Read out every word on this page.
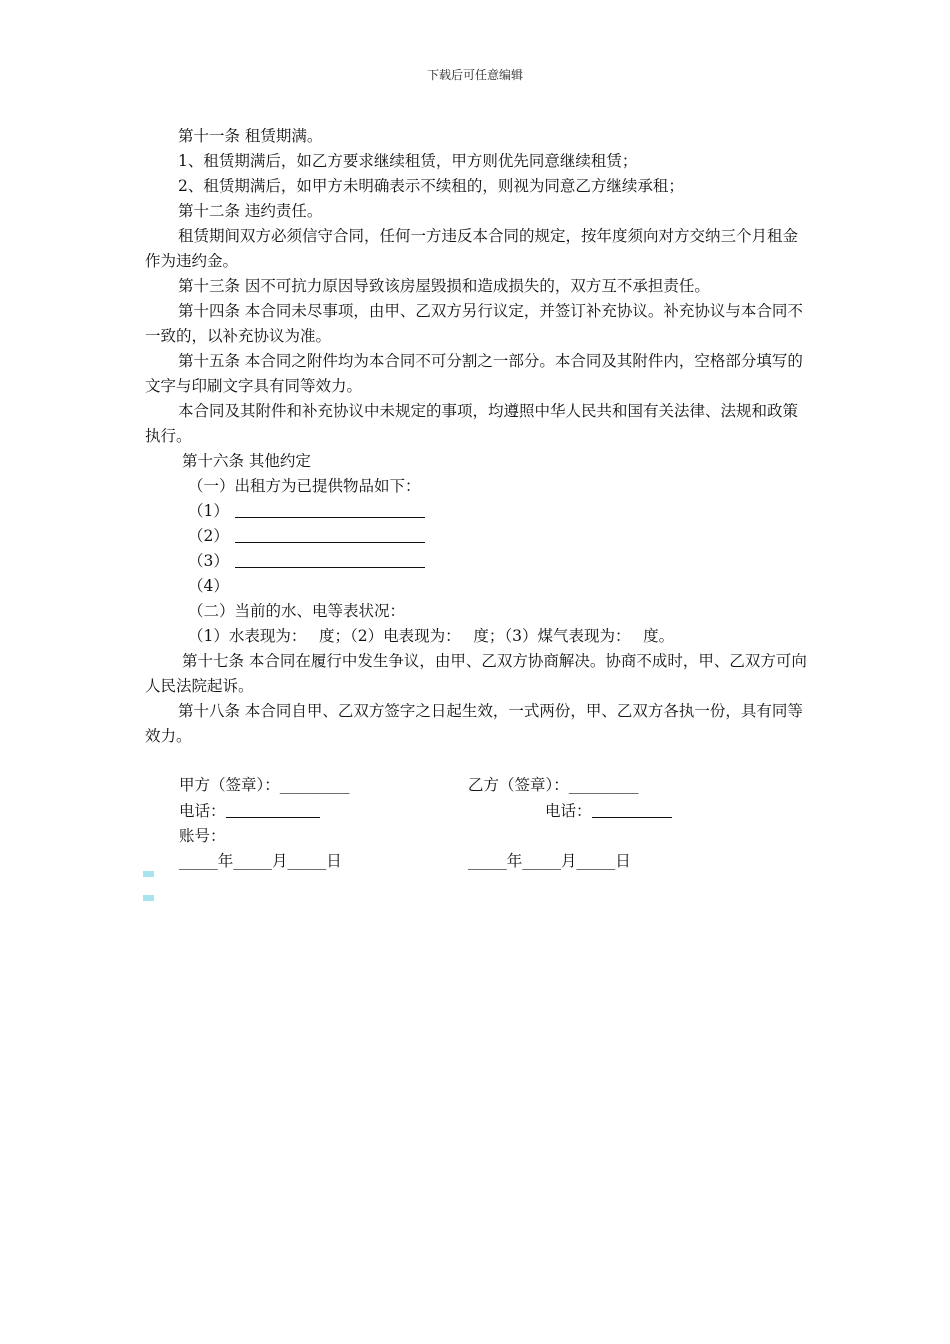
下载后可任意编辑

第十一条 租赁期满。

1、租赁期满后，如乙方要求继续租赁，甲方则优先同意继续租赁；

2、租赁期满后，如甲方未明确表示不续租的，则视为同意乙方继续承租；

第十二条 违约责任。

租赁期间双方必须信守合同，任何一方违反本合同的规定，按年度须向对方交纳三个月租金作为违约金。

第十三条 因不可抗力原因导致该房屋毁损和造成损失的，双方互不承担责任。

第十四条 本合同未尽事项，由甲、乙双方另行议定，并签订补充协议。补充协议与本合同不一致的，以补充协议为准。

第十五条 本合同之附件均为本合同不可分割之一部分。本合同及其附件内，空格部分填写的文字与印刷文字具有同等效力。

本合同及其附件和补充协议中未规定的事项，均遵照中华人民共和国有关法律、法规和政策执行。

第十六条 其他约定

（一）出租方为已提供物品如下：

（1）

（2）

（3）

（4）

（二）当前的水、电等表状况：

（1）水表现为：　 度；（2）电表现为：　 度；（3）煤气表现为：　 度。

第十七条 本合同在履行中发生争议，由甲、乙双方协商解决。协商不成时，甲、乙双方可向人民法院起诉。

第十八条 本合同自甲、乙双方签字之日起生效，一式两份，甲、乙双方各执一份，具有同等效力。

甲方（签章）：_________	乙方（签章）：_________
电话：	电话：
账号：
_____年_____月_____日	_____年_____月_____日
